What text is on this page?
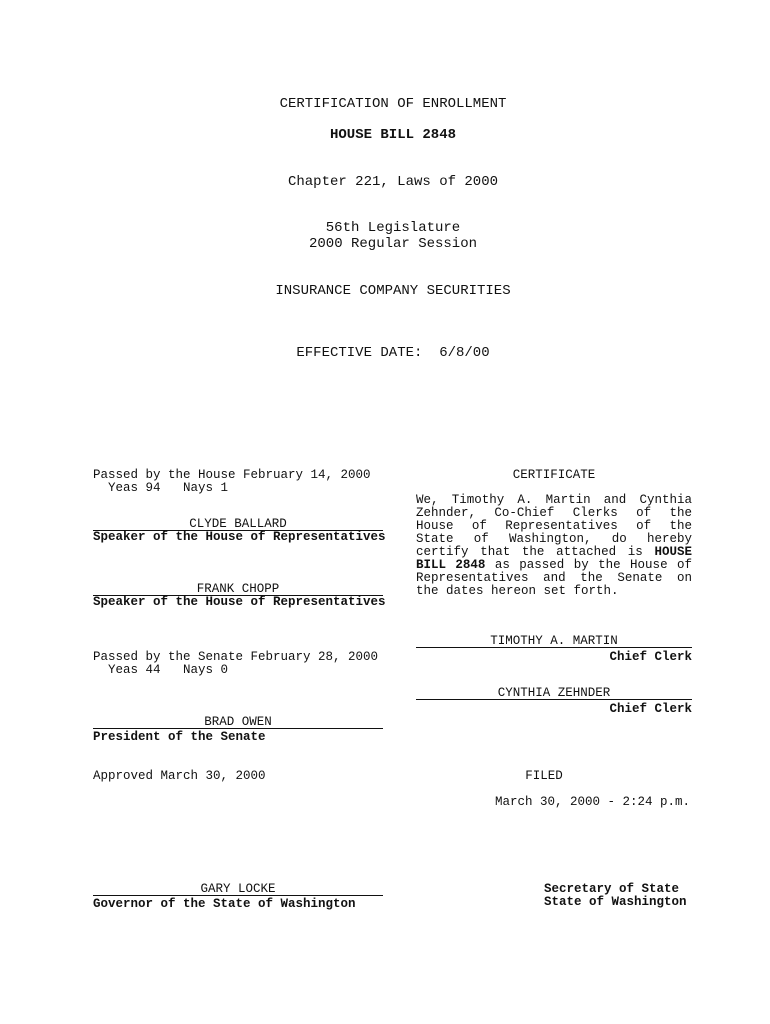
CERTIFICATION OF ENROLLMENT
HOUSE BILL 2848
Chapter 221, Laws of 2000
56th Legislature
2000 Regular Session
INSURANCE COMPANY SECURITIES
EFFECTIVE DATE:  6/8/00
Passed by the House February 14, 2000
Yeas 94   Nays 1
CLYDE BALLARD
Speaker of the House of Representatives
FRANK CHOPP
Speaker of the House of Representatives
Passed by the Senate February 28, 2000
Yeas 44   Nays 0
BRAD OWEN
President of the Senate
Approved March 30, 2000
GARY LOCKE
Governor of the State of Washington
CERTIFICATE
We, Timothy A. Martin and Cynthia Zehnder, Co-Chief Clerks of the House of Representatives of the State of Washington, do hereby certify that the attached is HOUSE BILL 2848 as passed by the House of Representatives and the Senate on the dates hereon set forth.
TIMOTHY A. MARTIN
Chief Clerk
CYNTHIA ZEHNDER
Chief Clerk
FILED
March 30, 2000 - 2:24 p.m.
Secretary of State
State of Washington
